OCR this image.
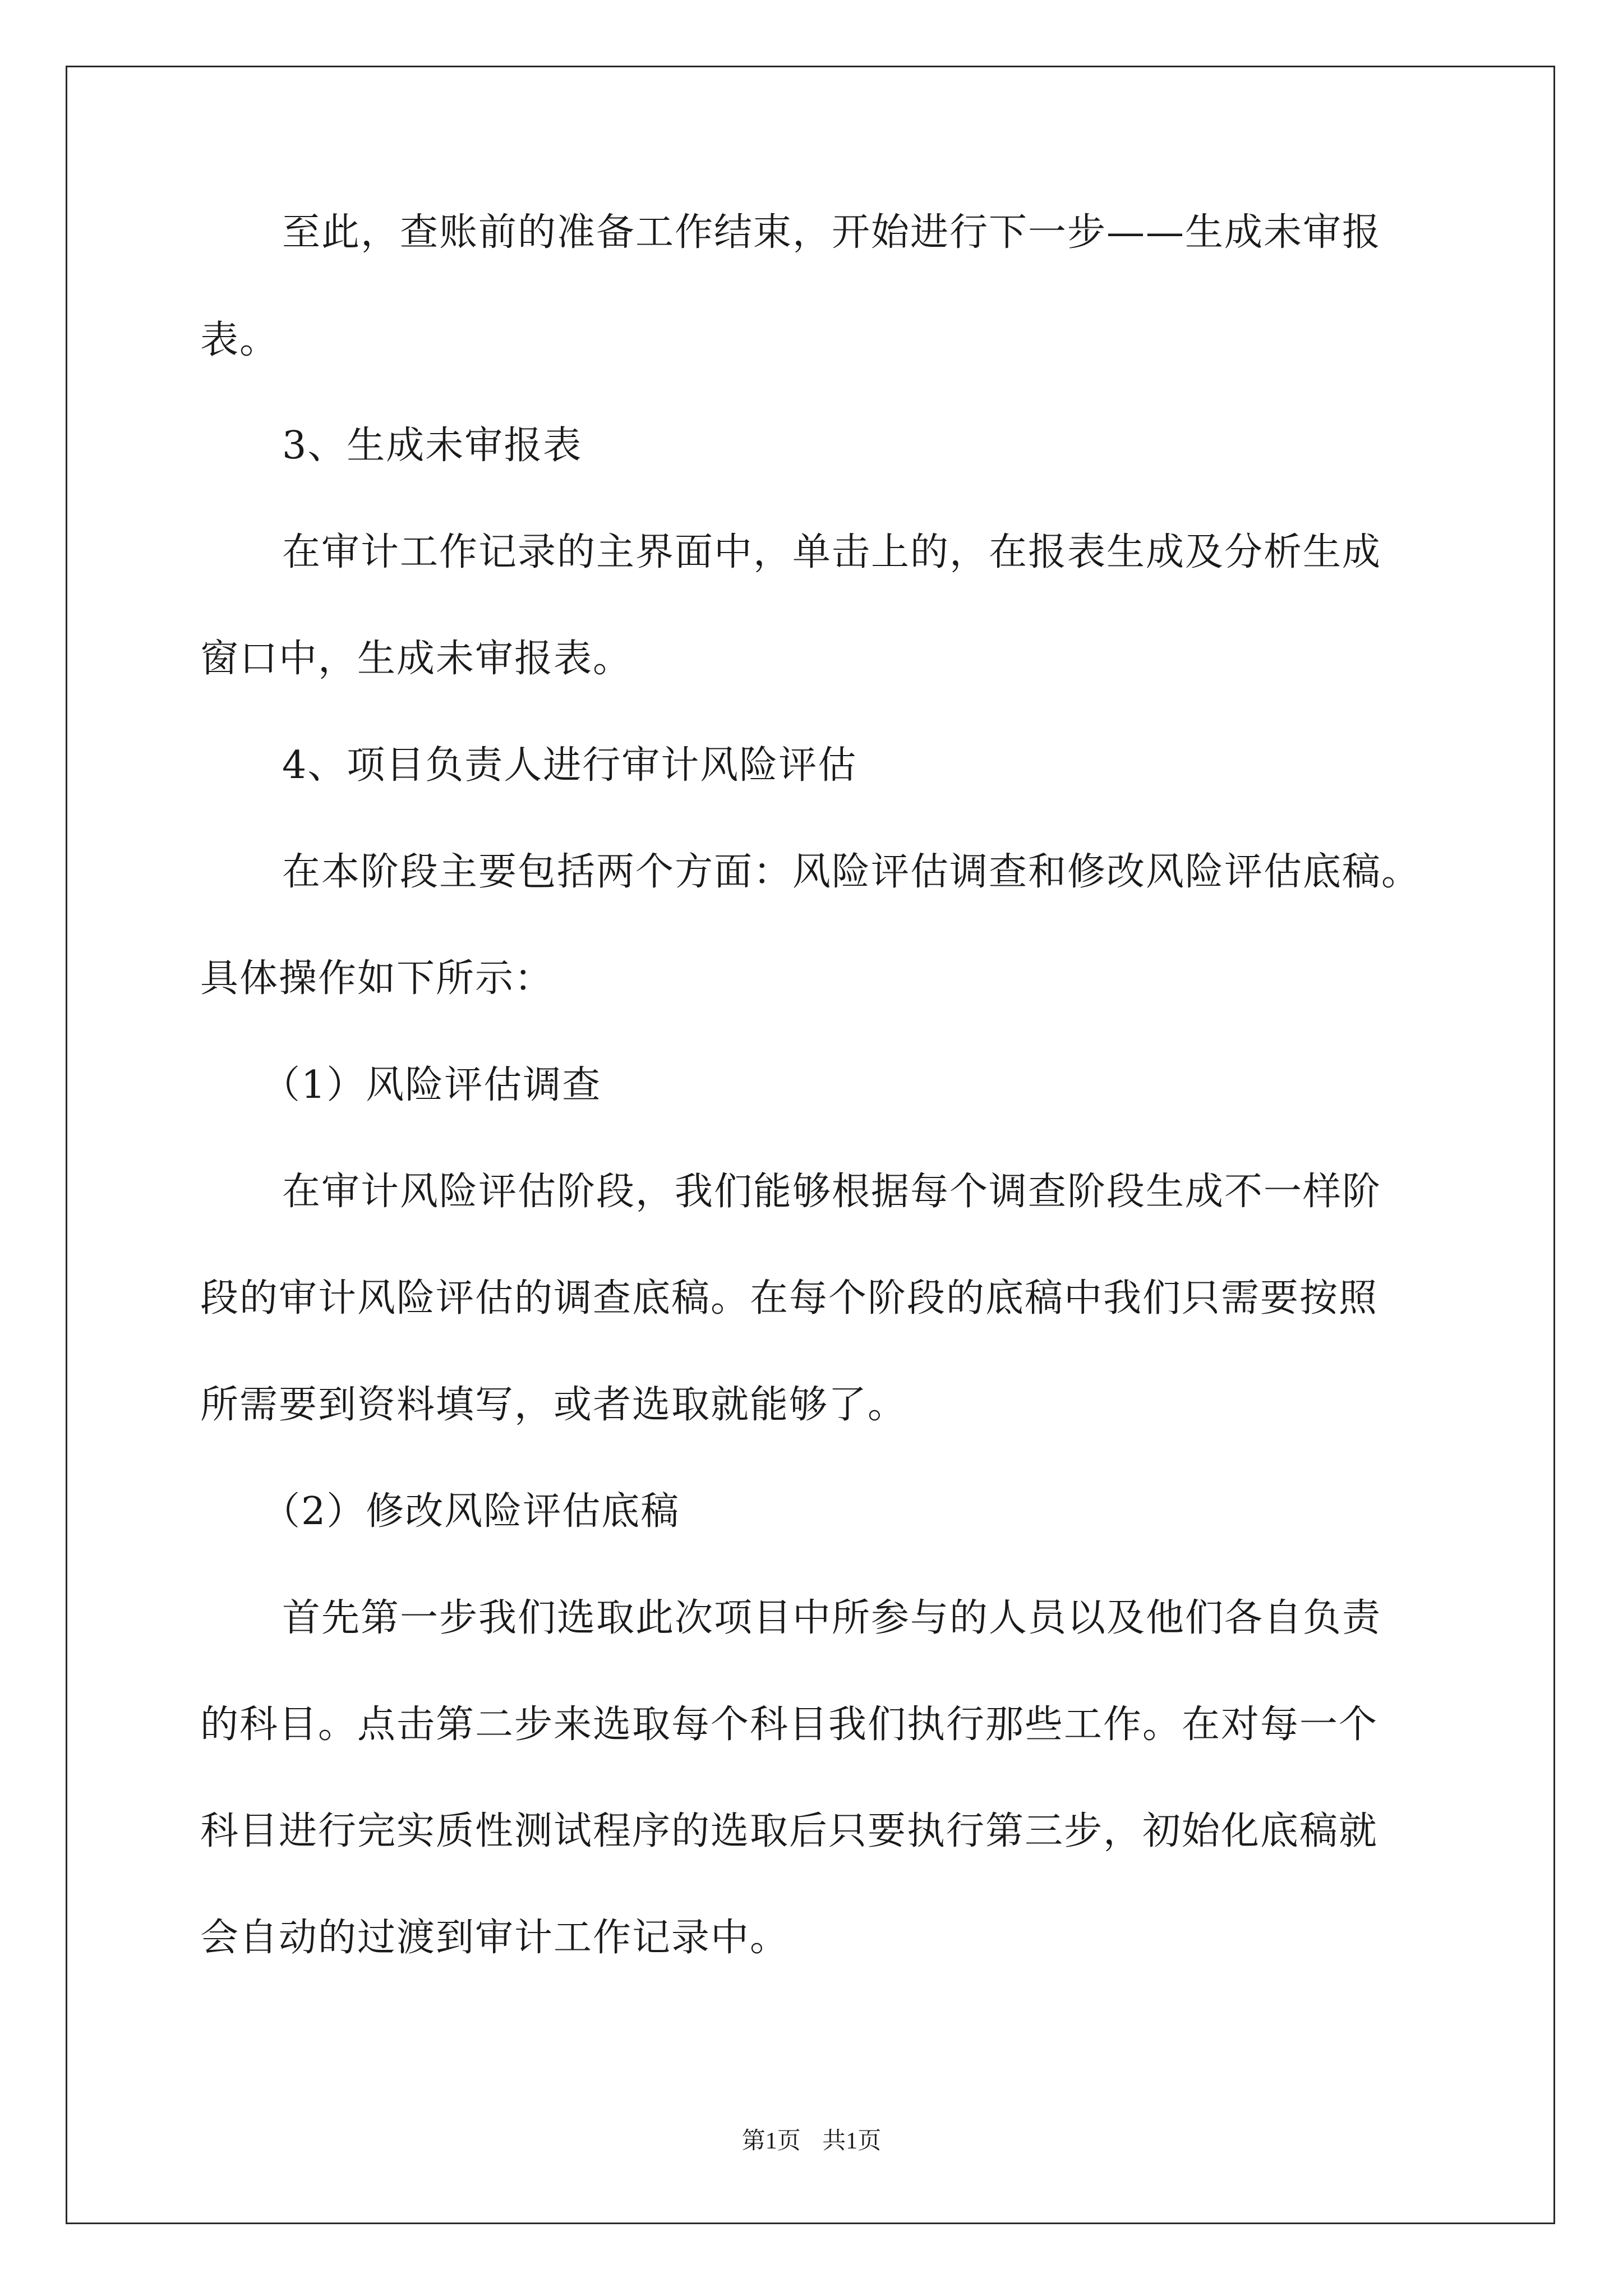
至此，查账前的准备工作结束，开始进行下一步——生成未审报
表。
3、生成未审报表
在审计工作记录的主界面中，单击上的，在报表生成及分析生成
窗口中，生成未审报表。
4、项目负责人进行审计风险评估
在本阶段主要包括两个方面：风险评估调查和修改风险评估底稿。
具体操作如下所示：
（1）风险评估调查
在审计风险评估阶段，我们能够根据每个调查阶段生成不一样阶
段的审计风险评估的调查底稿。在每个阶段的底稿中我们只需要按照
所需要到资料填写，或者选取就能够了。
（2）修改风险评估底稿
首先第一步我们选取此次项目中所参与的人员以及他们各自负责
的科目。点击第二步来选取每个科目我们执行那些工作。在对每一个
科目进行完实质性测试程序的选取后只要执行第三步，初始化底稿就
会自动的过渡到审计工作记录中。
第1页 共1页
